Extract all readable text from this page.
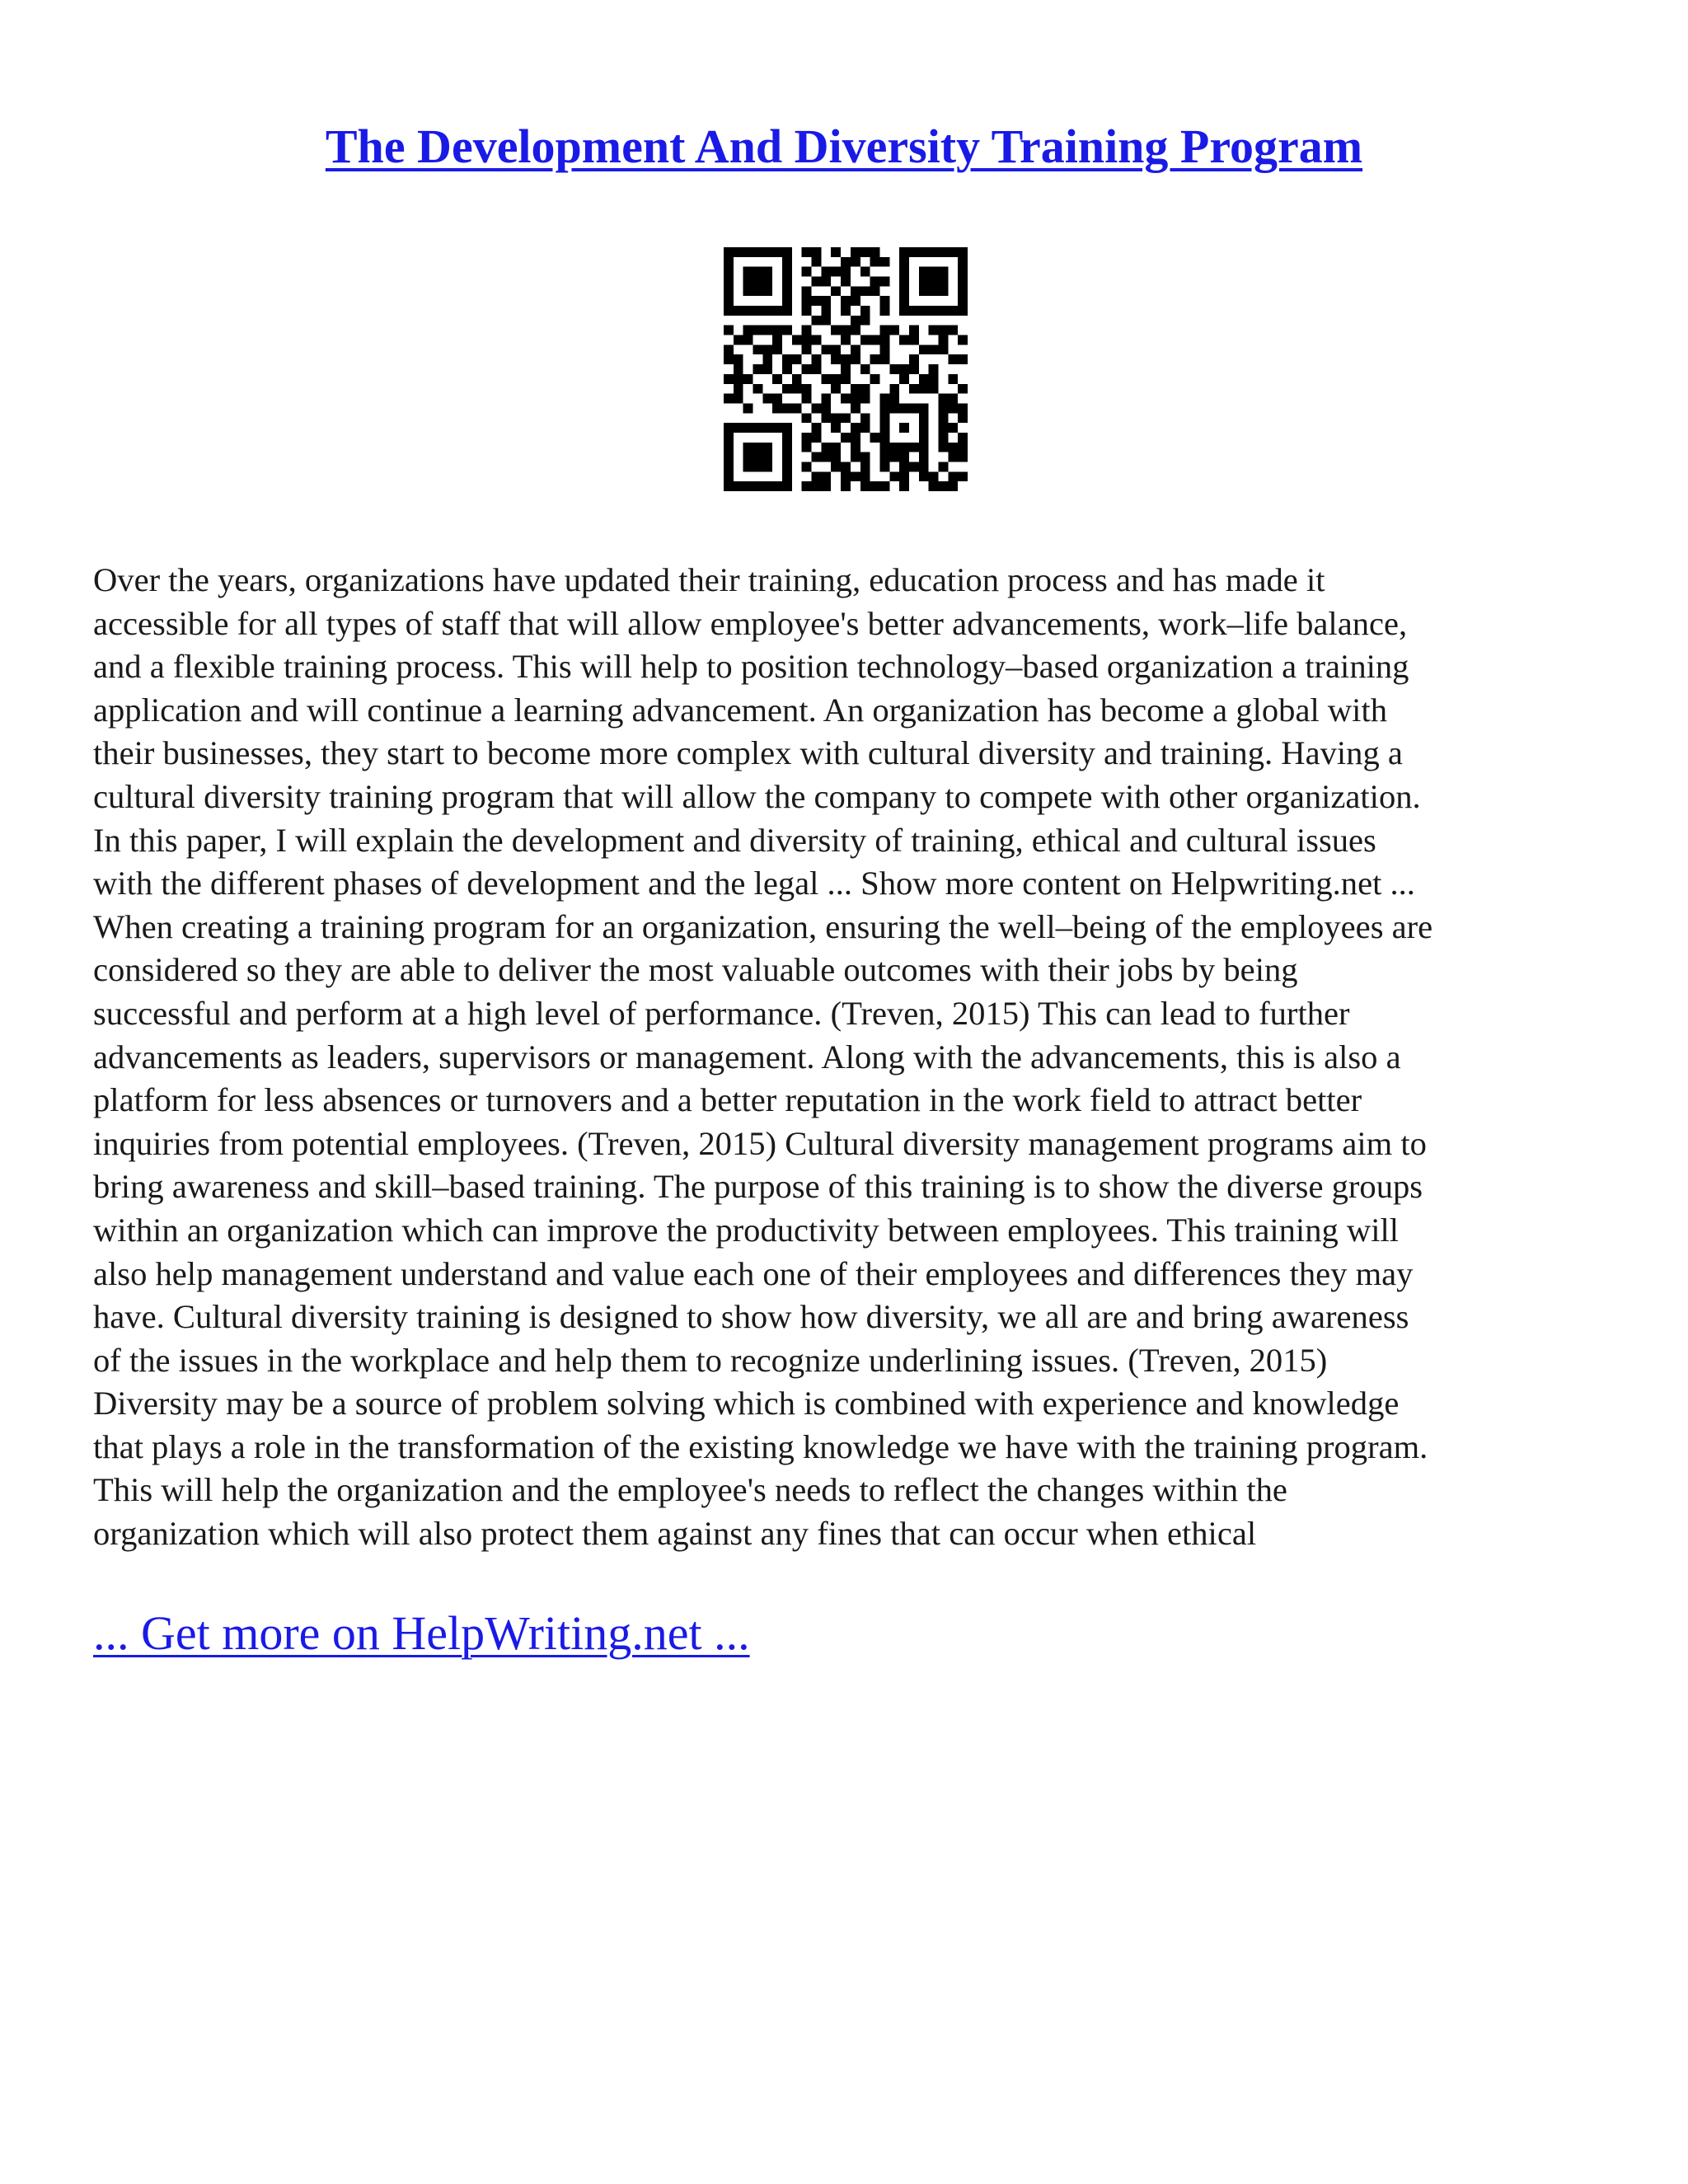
The Development And Diversity Training Program

Over the years, organizations have updated their training, education process and has made it
accessible for all types of staff that will allow employee's better advancements, work–life balance,
and a flexible training process. This will help to position technology–based organization a training
application and will continue a learning advancement. An organization has become a global with
their businesses, they start to become more complex with cultural diversity and training. Having a
cultural diversity training program that will allow the company to compete with other organization.
In this paper, I will explain the development and diversity of training, ethical and cultural issues
with the different phases of development and the legal ... Show more content on Helpwriting.net ...
When creating a training program for an organization, ensuring the well–being of the employees are
considered so they are able to deliver the most valuable outcomes with their jobs by being
successful and perform at a high level of performance. (Treven, 2015) This can lead to further
advancements as leaders, supervisors or management. Along with the advancements, this is also a
platform for less absences or turnovers and a better reputation in the work field to attract better
inquiries from potential employees. (Treven, 2015) Cultural diversity management programs aim to
bring awareness and skill–based training. The purpose of this training is to show the diverse groups
within an organization which can improve the productivity between employees. This training will
also help management understand and value each one of their employees and differences they may
have. Cultural diversity training is designed to show how diversity, we all are and bring awareness
of the issues in the workplace and help them to recognize underlining issues. (Treven, 2015)
Diversity may be a source of problem solving which is combined with experience and knowledge
that plays a role in the transformation of the existing knowledge we have with the training program.
This will help the organization and the employee's needs to reflect the changes within the
organization which will also protect them against any fines that can occur when ethical

... Get more on HelpWriting.net ...
